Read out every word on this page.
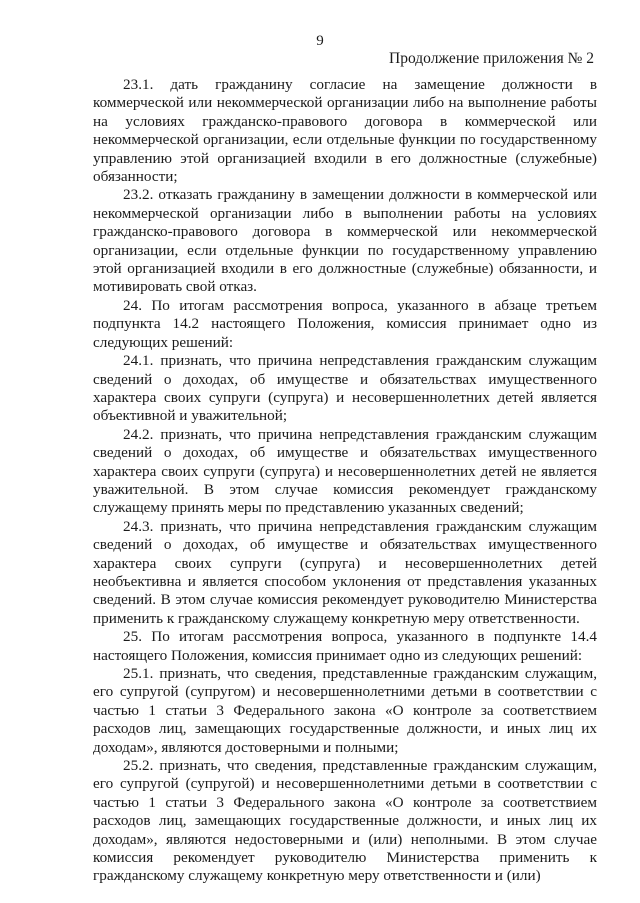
9
Продолжение приложения № 2

23.1. дать гражданину согласие на замещение должности в коммерческой или некоммерческой организации либо на выполнение работы на условиях гражданско-правового договора в коммерческой или некоммерческой организации, если отдельные функции по государственному управлению этой организацией входили в его должностные (служебные) обязанности;

23.2. отказать гражданину в замещении должности в коммерческой или некоммерческой организации либо в выполнении работы на условиях гражданско-правового договора в коммерческой или некоммерческой организации, если отдельные функции по государственному управлению этой организацией входили в его должностные (служебные) обязанности, и мотивировать свой отказ.

24. По итогам рассмотрения вопроса, указанного в абзаце третьем подпункта 14.2 настоящего Положения, комиссия принимает одно из следующих решений:

24.1. признать, что причина непредставления гражданским служащим сведений о доходах, об имуществе и обязательствах имущественного характера своих супруги (супруга) и несовершеннолетних детей является объективной и уважительной;

24.2. признать, что причина непредставления гражданским служащим сведений о доходах, об имуществе и обязательствах имущественного характера своих супруги (супруга) и несовершеннолетних детей не является уважительной. В этом случае комиссия рекомендует гражданскому служащему принять меры по представлению указанных сведений;

24.3. признать, что причина непредставления гражданским служащим сведений о доходах, об имуществе и обязательствах имущественного характера своих супруги (супруга) и несовершеннолетних детей необъективна и является способом уклонения от представления указанных сведений. В этом случае комиссия рекомендует руководителю Министерства применить к гражданскому служащему конкретную меру ответственности.

25. По итогам рассмотрения вопроса, указанного в подпункте 14.4 настоящего Положения, комиссия принимает одно из следующих решений:

25.1. признать, что сведения, представленные гражданским служащим, его супругой (супругом) и несовершеннолетними детьми в соответствии с частью 1 статьи 3 Федерального закона «О контроле за соответствием расходов лиц, замещающих государственные должности, и иных лиц их доходам», являются достоверными и полными;

25.2. признать, что сведения, представленные гражданским служащим, его супругой (супругой) и несовершеннолетними детьми в соответствии с частью 1 статьи 3 Федерального закона «О контроле за соответствием расходов лиц, замещающих государственные должности, и иных лиц их доходам», являются недостоверными и (или) неполными. В этом случае комиссия рекомендует руководителю Министерства применить к гражданскому служащему конкретную меру ответственности и (или)
